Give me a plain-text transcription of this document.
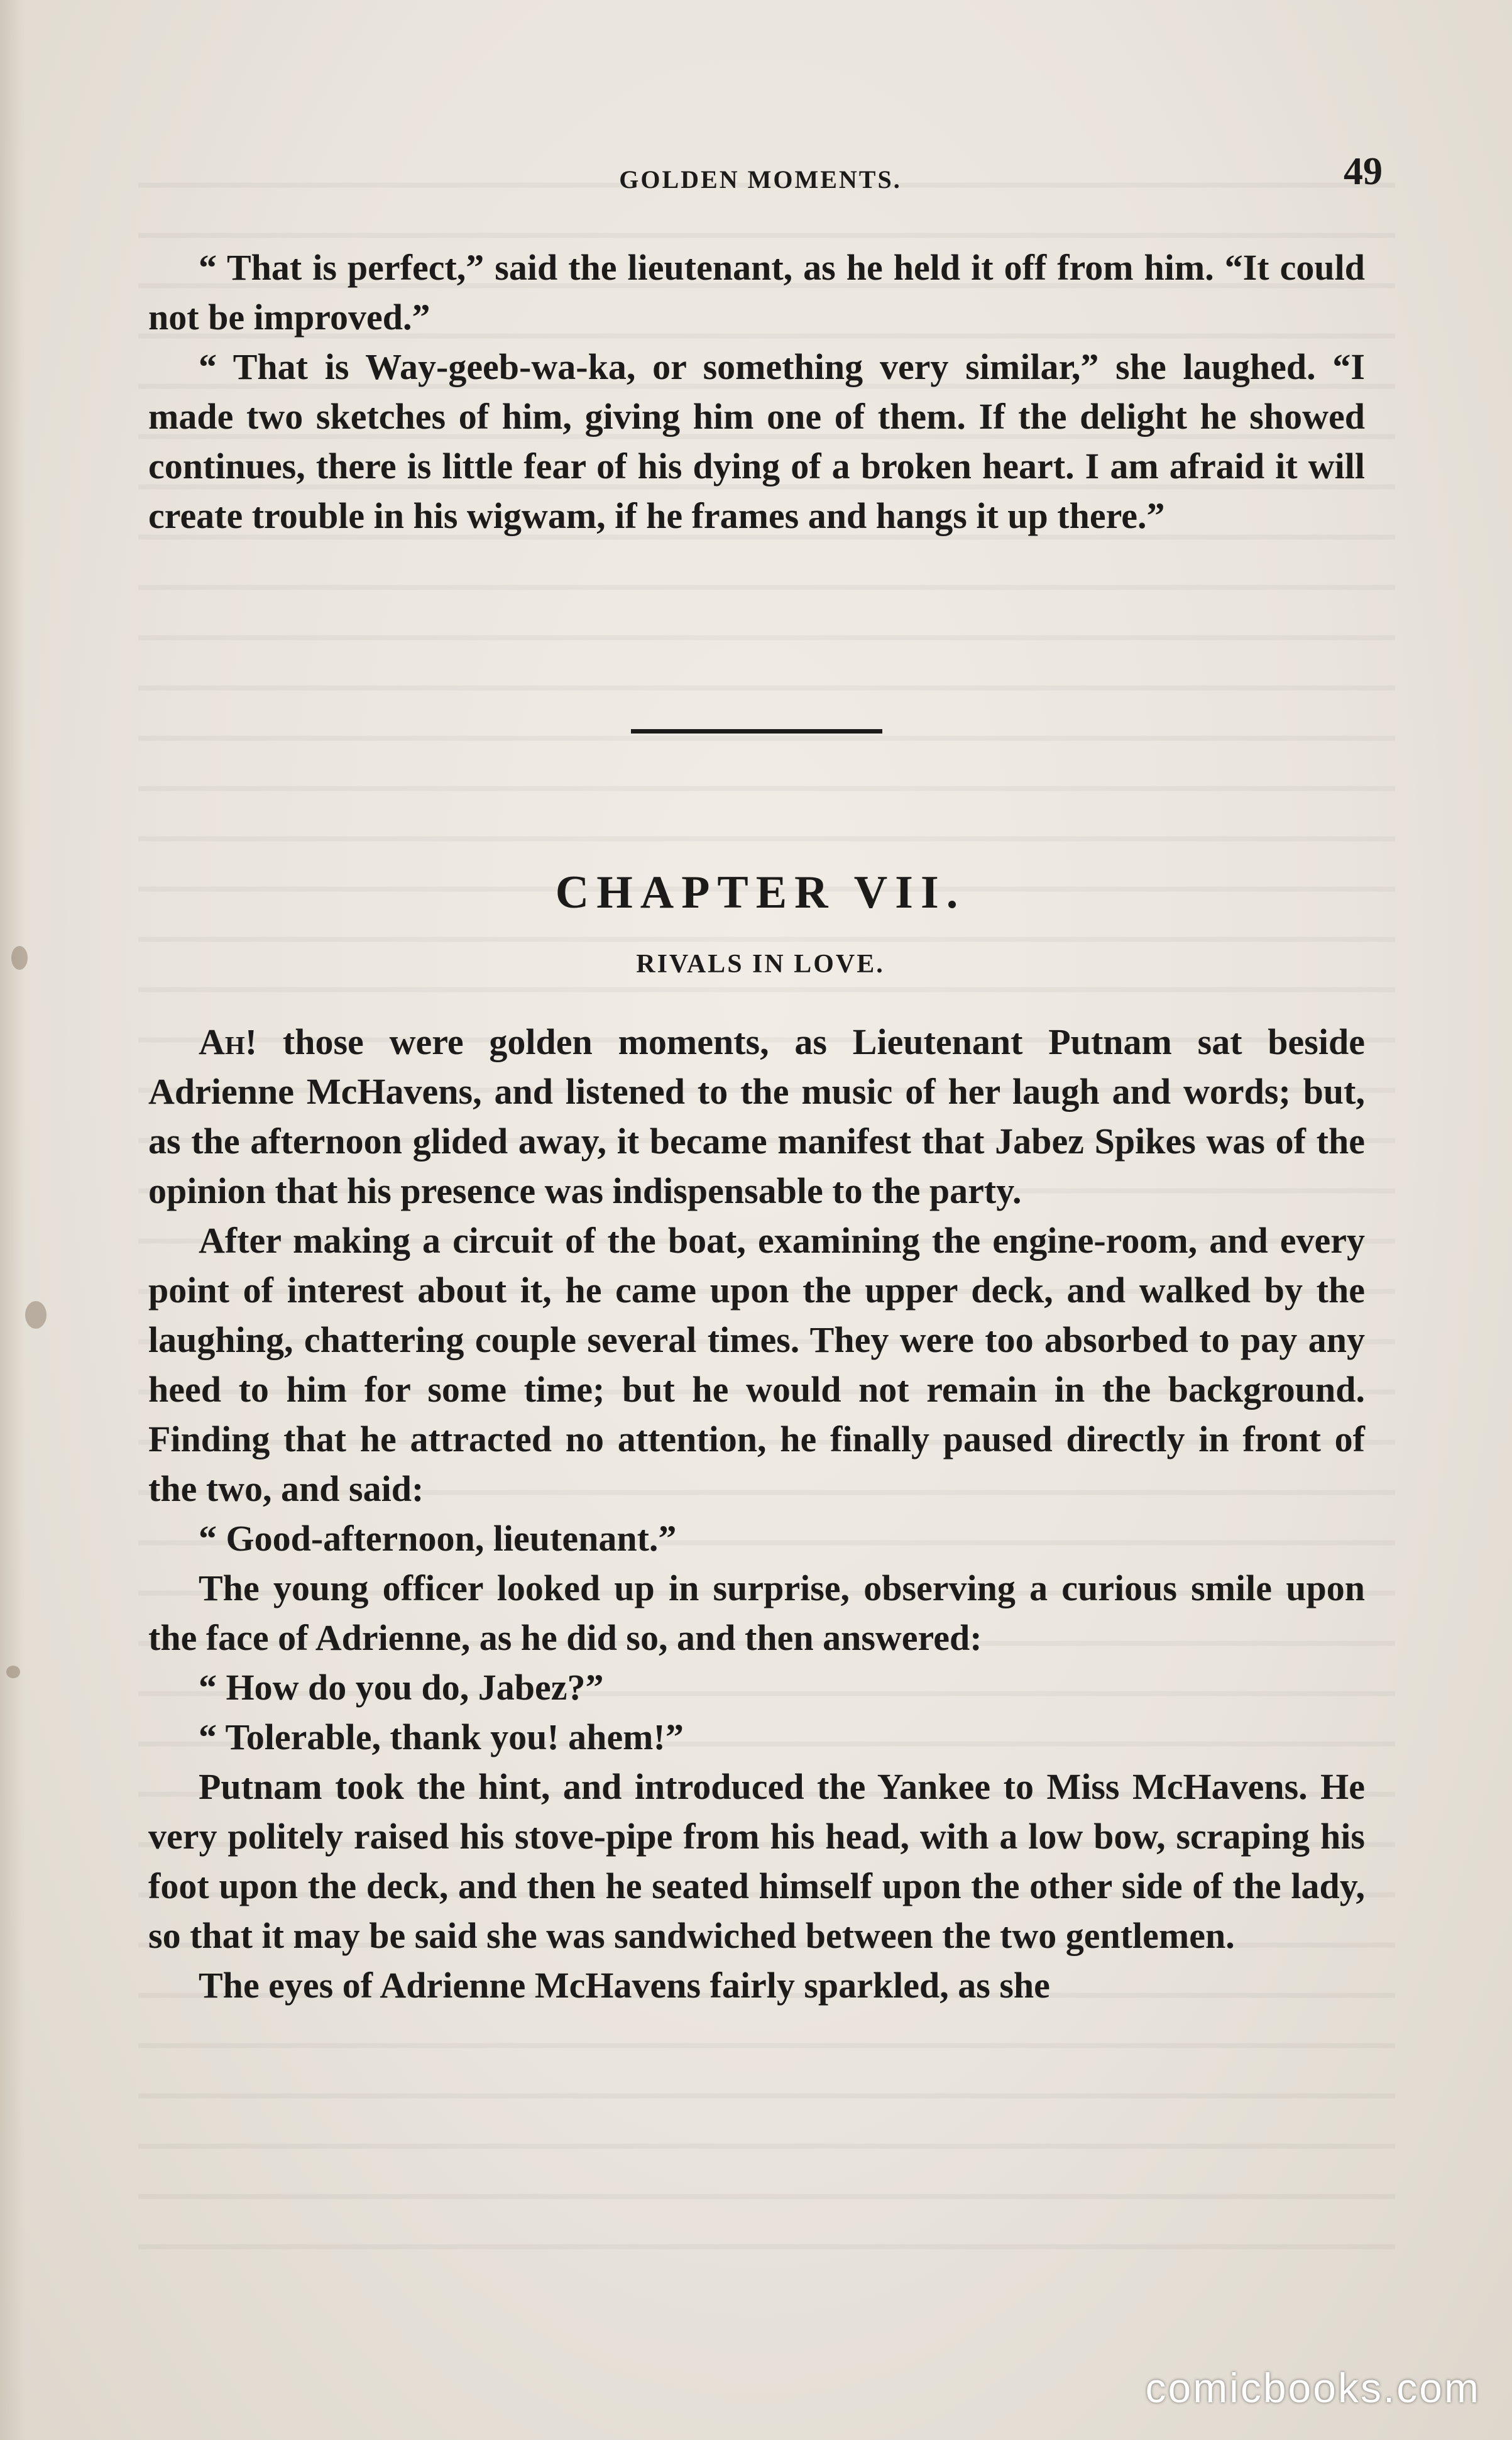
GOLDEN MOMENTS.	49

“ That is perfect,” said the lieutenant, as he held it off from him. “It could not be improved.”

“ That is Way-geeb-wa-ka, or something very similar,” she laughed. “I made two sketches of him, giving him one of them. If the delight he showed continues, there is little fear of his dying of a broken heart. I am afraid it will create trouble in his wigwam, if he frames and hangs it up there.”

CHAPTER VII.
RIVALS IN LOVE.

Ah! those were golden moments, as Lieutenant Putnam sat beside Adrienne McHavens, and listened to the music of her laugh and words; but, as the afternoon glided away, it became manifest that Jabez Spikes was of the opinion that his presence was indispensable to the party.

After making a circuit of the boat, examining the engine-room, and every point of interest about it, he came upon the upper deck, and walked by the laughing, chattering couple several times. They were too absorbed to pay any heed to him for some time; but he would not remain in the background. Finding that he attracted no attention, he finally paused directly in front of the two, and said:

“ Good-afternoon, lieutenant.”

The young officer looked up in surprise, observing a curious smile upon the face of Adrienne, as he did so, and then answered:

“ How do you do, Jabez?”

“ Tolerable, thank you! ahem!”

Putnam took the hint, and introduced the Yankee to Miss McHavens. He very politely raised his stove-pipe from his head, with a low bow, scraping his foot upon the deck, and then he seated himself upon the other side of the lady, so that it may be said she was sandwiched between the two gentlemen.

The eyes of Adrienne McHavens fairly sparkled, as she

comicbooks.com
